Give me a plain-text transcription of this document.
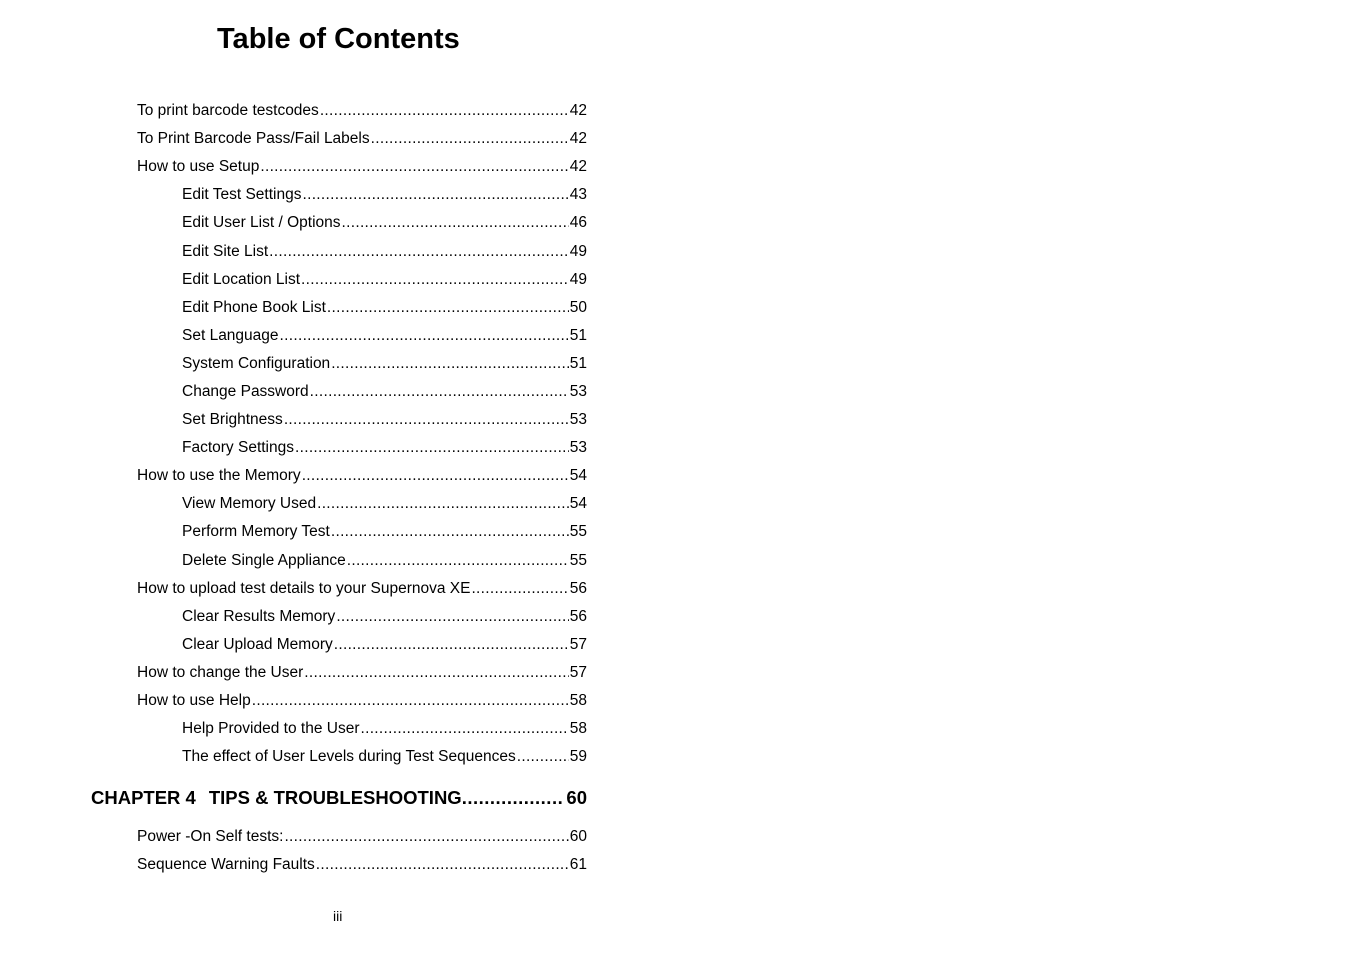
Table of Contents
To print barcode testcodes .....	42
To Print Barcode Pass/Fail Labels .....	42
How to use Setup .....	42
Edit Test Settings .....	43
Edit User List / Options .....	46
Edit Site List .....	49
Edit Location List .....	49
Edit Phone Book List .....	50
Set Language .....	51
System Configuration .....	51
Change Password .....	53
Set Brightness .....	53
Factory Settings .....	53
How to use the Memory .....	54
View Memory Used .....	54
Perform Memory Test .....	55
Delete Single Appliance .....	55
How to upload test details to your Supernova XE .....	56
Clear Results Memory .....	56
Clear Upload Memory .....	57
How to change the User .....	57
How to use Help .....	58
Help Provided to the User .....	58
The effect of User Levels during Test Sequences .....	59
CHAPTER 4 TIPS & TROUBLESHOOTING .....	60
Power -On Self tests: .....	60
Sequence Warning Faults .....	61
iii
